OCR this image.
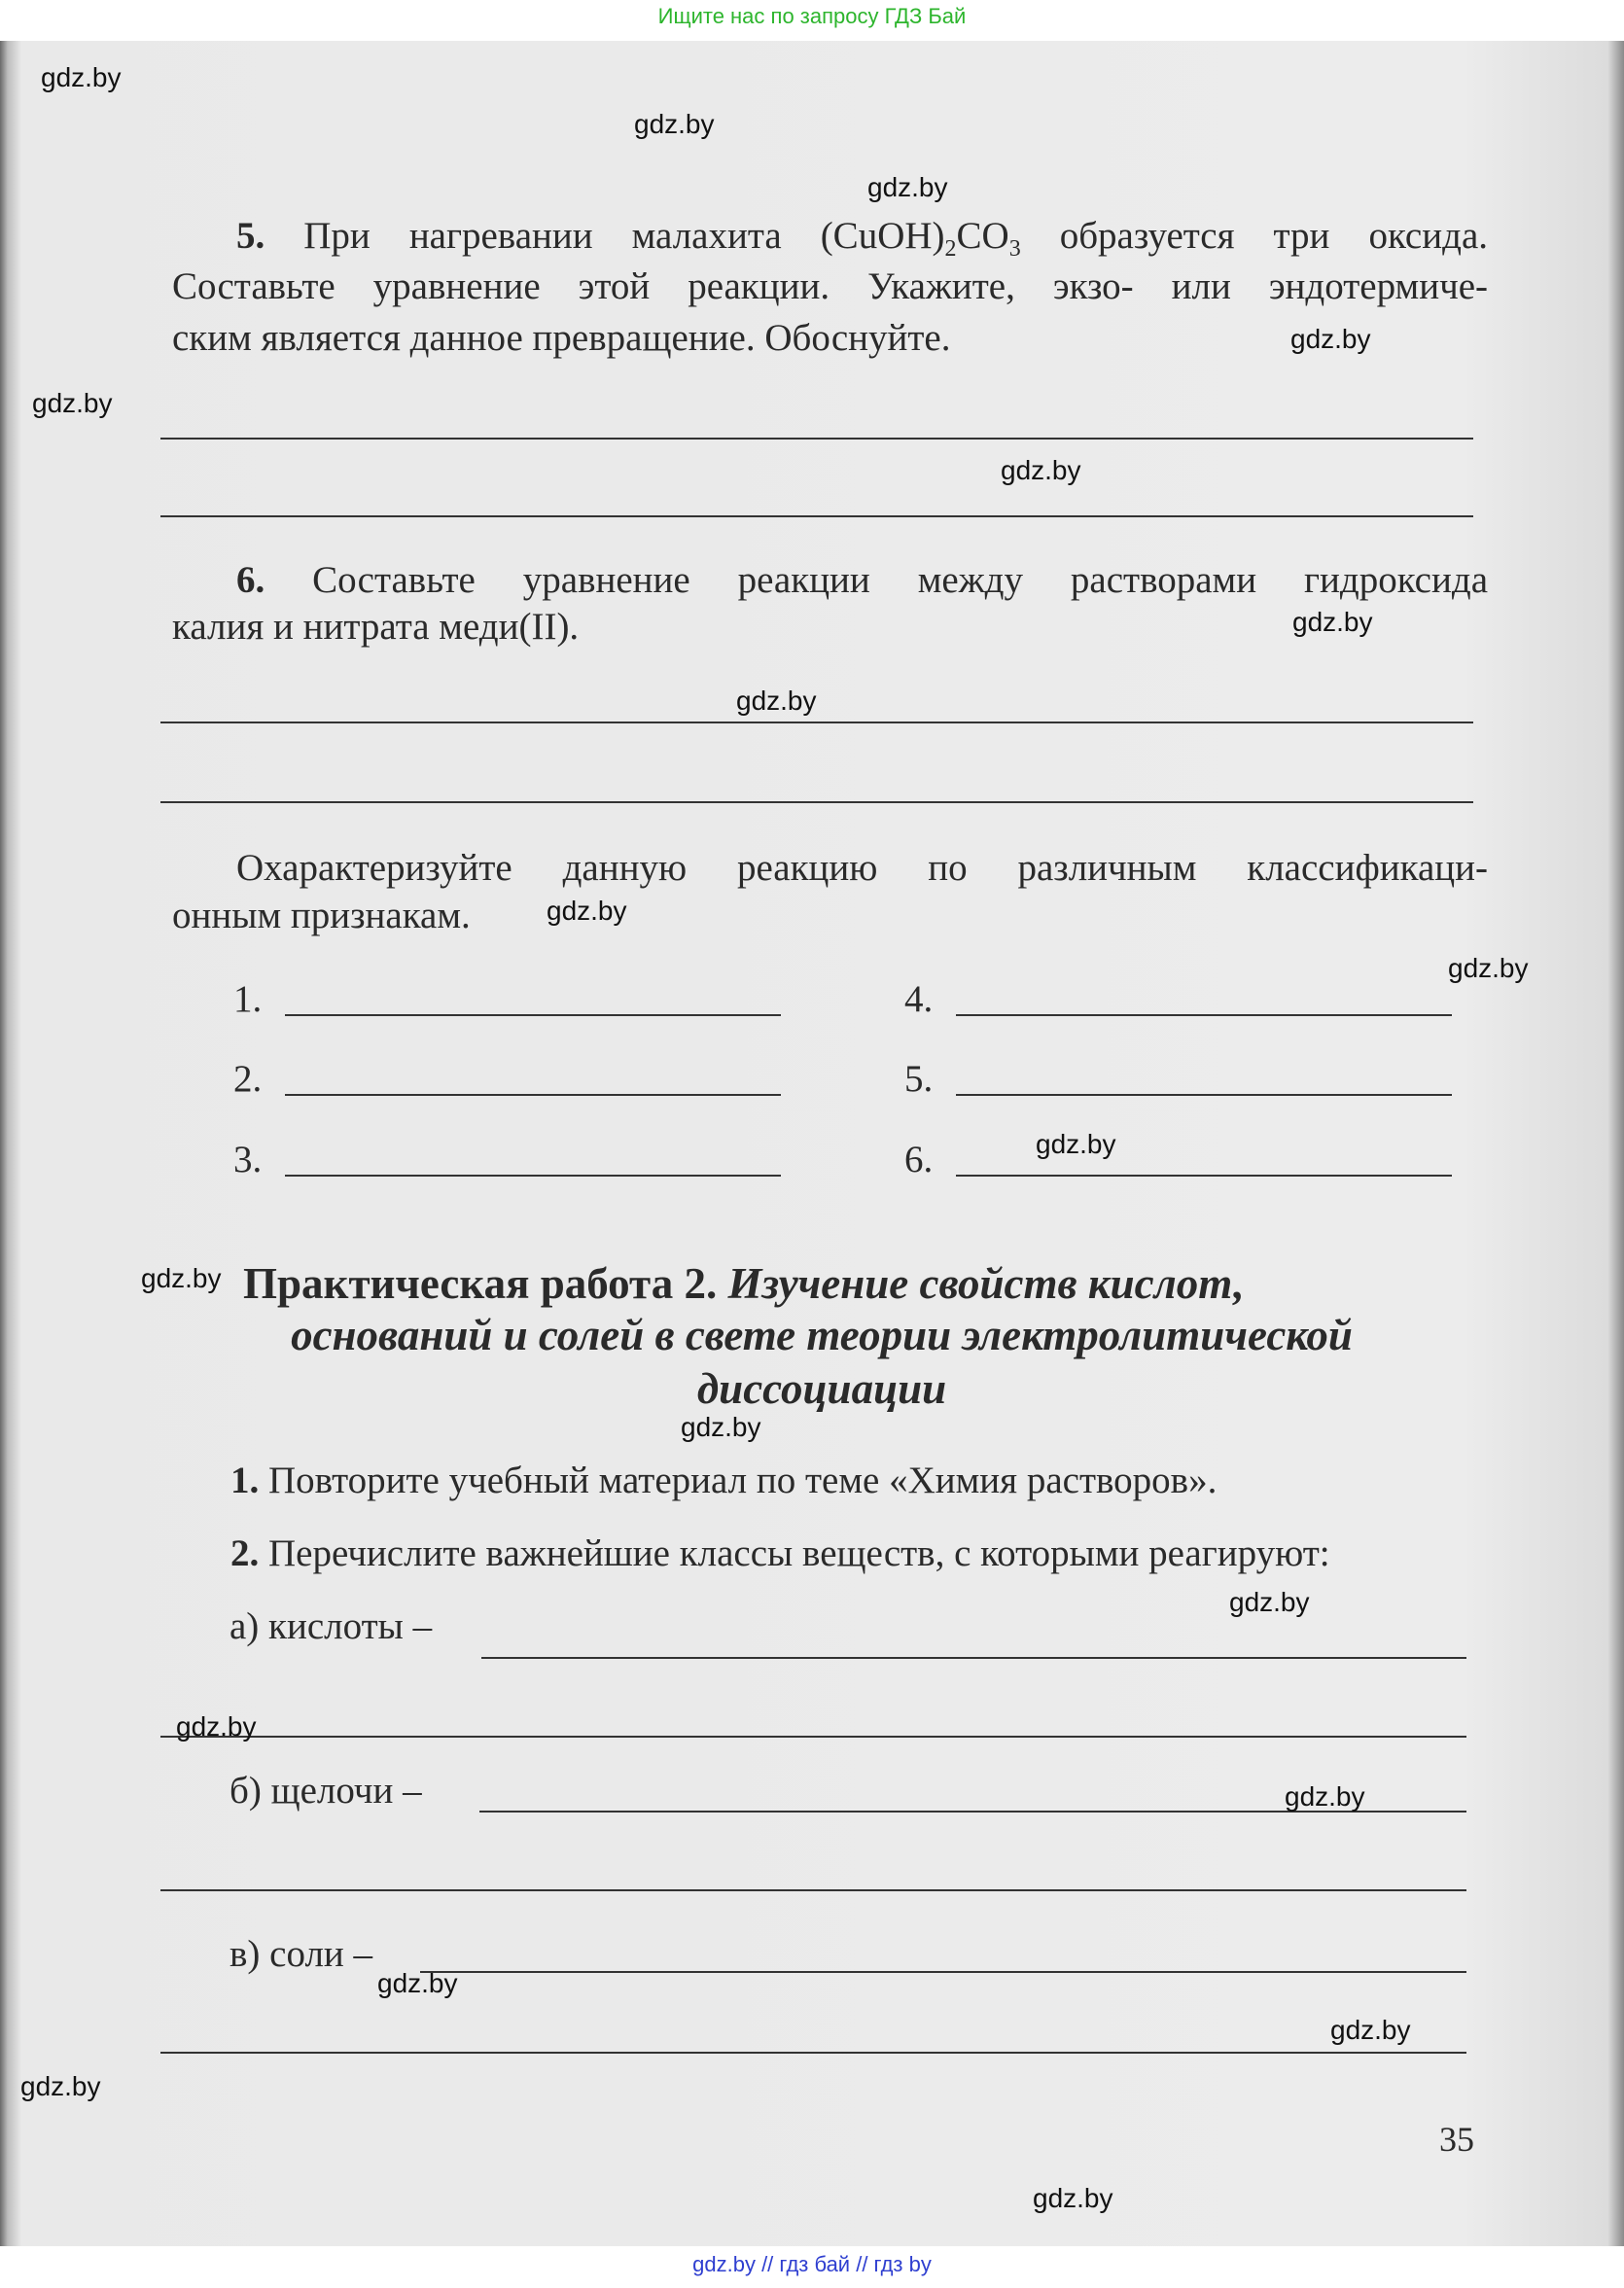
Ищите нас по запросу ГДЗ Бай
5. При нагревании малахита $(CuOH)_2CO_3$ образуется три оксида.
Составьте уравнение этой реакции. Укажите, экзо- или эндотермиче-
ским является данное превращение. Обоснуйте.
6. Составьте уравнение реакции между растворами гидроксида
калия и нитрата меди(II).
Охарактеризуйте данную реакцию по различным классификаци-
онным признакам.
1.
2.
3.
4.
5.
6.
Практическая работа 2. Изучение свойств кислот,
оснований и солей в свете теории электролитической
диссоциации
1. Повторите учебный материал по теме «Химия растворов».
2. Перечислите важнейшие классы веществ, с которыми реагируют:
а) кислоты –
б) щелочи –
в) соли –
35
gdz.by
gdz.by
gdz.by
gdz.by
gdz.by
gdz.by
gdz.by
gdz.by
gdz.by
gdz.by
gdz.by
gdz.by
gdz.by
gdz.by
gdz.by
gdz.by
gdz.by
gdz.by
gdz.by
gdz.by
gdz.by // гдз бай // гдз by
